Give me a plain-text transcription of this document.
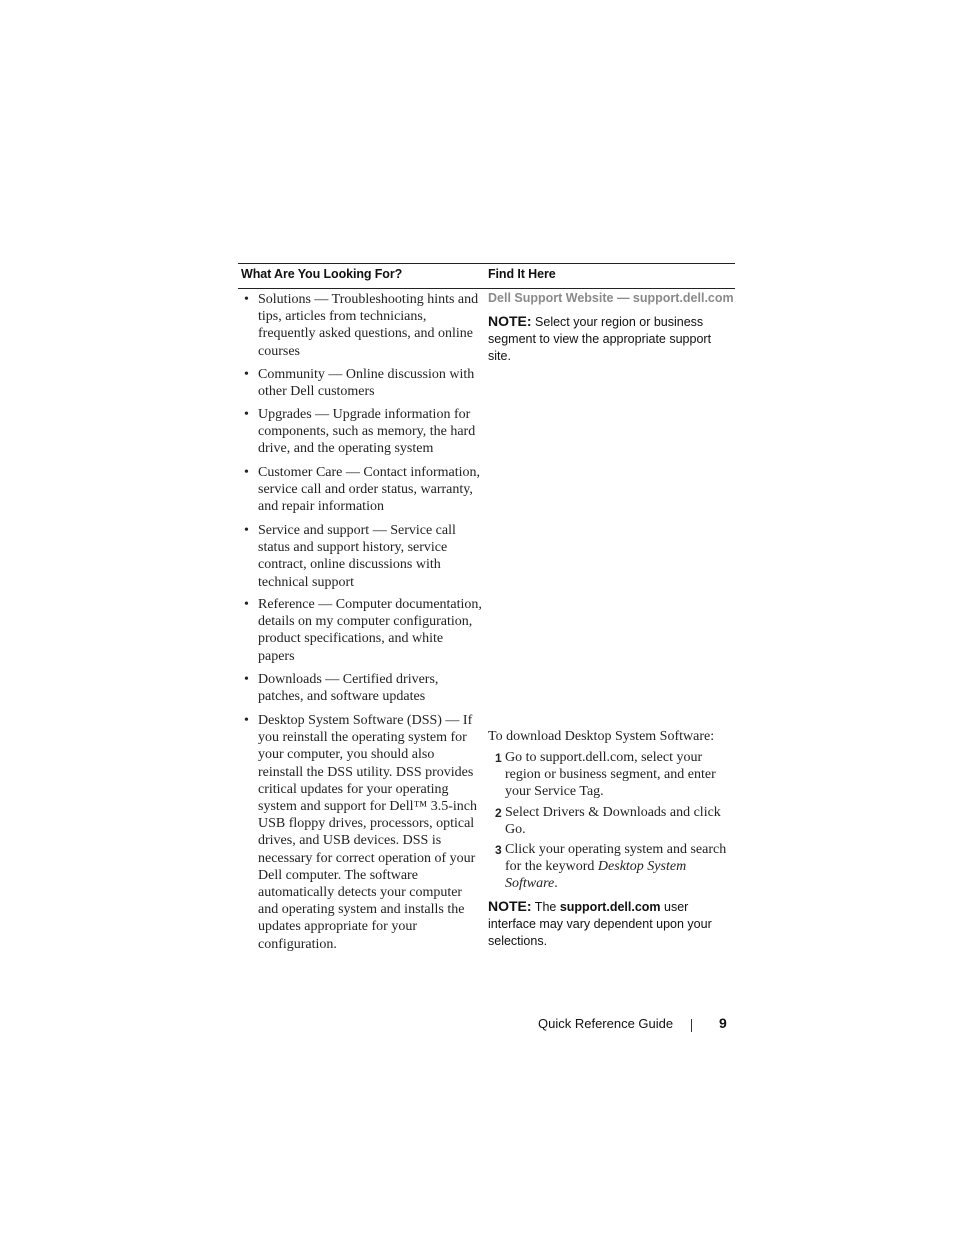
What Are You Looking For?	Find It Here
• Solutions — Troubleshooting hints and tips, articles from technicians, frequently asked questions, and online courses
• Community — Online discussion with other Dell customers
• Upgrades — Upgrade information for components, such as memory, the hard drive, and the operating system
• Customer Care — Contact information, service call and order status, warranty, and repair information
• Service and support — Service call status and support history, service contract, online discussions with technical support
• Reference — Computer documentation, details on my computer configuration, product specifications, and white papers
• Downloads — Certified drivers, patches, and software updates
• Desktop System Software (DSS) — If you reinstall the operating system for your computer, you should also reinstall the DSS utility. DSS provides critical updates for your operating system and support for Dell™ 3.5-inch USB floppy drives, processors, optical drives, and USB devices. DSS is necessary for correct operation of your Dell computer. The software automatically detects your computer and operating system and installs the updates appropriate for your configuration.
Dell Support Website — support.dell.com
NOTE: Select your region or business segment to view the appropriate support site.
To download Desktop System Software:
1 Go to support.dell.com, select your region or business segment, and enter your Service Tag.
2 Select Drivers & Downloads and click Go.
3 Click your operating system and search for the keyword Desktop System Software.
NOTE: The support.dell.com user interface may vary dependent upon your selections.
Quick Reference Guide	9
